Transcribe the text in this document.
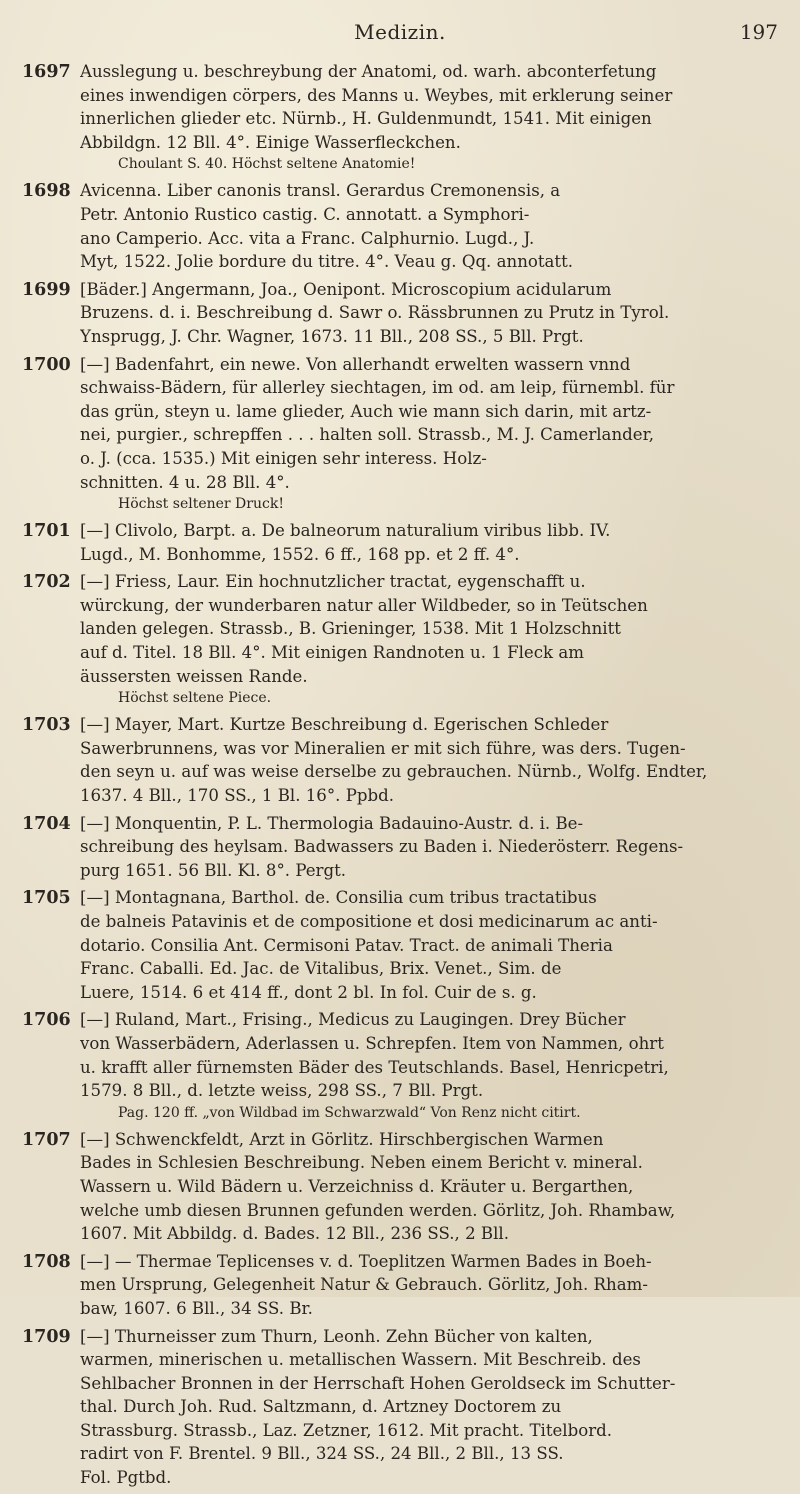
Medizin.	197
1697 Ausslegung u. beschreybung der Anatomi, od. warh. abconterfetung
eines inwendigen cörpers, des Manns u. Weybes, mit erklerung seiner
innerlichen glieder etc. Nürnb., H. Guldenmundt, 1541. Mit einigen
Abbildgn. 12 Bll. 4°. Einige Wasserfleckchen.
Choulant S. 40. Höchst seltene Anatomie!
1698 Avicenna. Liber canonis transl. Gerardus Cremonensis, a
Petr. Antonio Rustico castig. C. annotatt. a Symphori-
ano Camperio. Acc. vita a Franc. Calphurnio. Lugd., J.
Myt, 1522. Jolie bordure du titre. 4°. Veau g. Qq. annotatt.
1699 [Bäder.] Angermann, Joa., Oenipont. Microscopium acidularum
Bruzens. d. i. Beschreibung d. Sawr o. Rässbrunnen zu Prutz in Tyrol.
Ynsprugg, J. Chr. Wagner, 1673. 11 Bll., 208 SS., 5 Bll. Prgt.
1700 [—] Badenfahrt, ein newe. Von allerhandt erwelten wassern vnnd
schwaiss-Bädern, für allerley siechtagen, im od. am leip, fürnembl. für
das grün, steyn u. lame glieder, Auch wie mann sich darin, mit artz-
nei, purgier., schrepffen . . . halten soll. Strassb., M. J. Camerlander,
o. J. (cca. 1535.) Mit einigen sehr interess. Holz-
schnitten. 4 u. 28 Bll. 4°.
Höchst seltener Druck!
1701 [—] Clivolo, Barpt. a. De balneorum naturalium viribus libb. IV.
Lugd., M. Bonhomme, 1552. 6 ff., 168 pp. et 2 ff. 4°.
1702 [—] Friess, Laur. Ein hochnutzlicher tractat, eygenschafft u.
würckung, der wunderbaren natur aller Wildbeder, so in Teütschen
landen gelegen. Strassb., B. Grieninger, 1538. Mit 1 Holzschnitt
auf d. Titel. 18 Bll. 4°. Mit einigen Randnoten u. 1 Fleck am
äussersten weissen Rande.
Höchst seltene Piece.
1703 [—] Mayer, Mart. Kurtze Beschreibung d. Egerischen Schleder
Sawerbrunnens, was vor Mineralien er mit sich führe, was ders. Tugen-
den seyn u. auf was weise derselbe zu gebrauchen. Nürnb., Wolfg. Endter,
1637. 4 Bll., 170 SS., 1 Bl. 16°. Ppbd.
1704 [—] Monquentin, P. L. Thermologia Badauino-Austr. d. i. Be-
schreibung des heylsam. Badwassers zu Baden i. Niederösterr. Regens-
purg 1651. 56 Bll. Kl. 8°. Pergt.
1705 [—] Montagnana, Barthol. de. Consilia cum tribus tractatibus
de balneis Patavinis et de compositione et dosi medicinarum ac anti-
dotario. Consilia Ant. Cermisoni Patav. Tract. de animali Theria
Franc. Caballi. Ed. Jac. de Vitalibus, Brix. Venet., Sim. de
Luere, 1514. 6 et 414 ff., dont 2 bl. In fol. Cuir de s. g.
1706 [—] Ruland, Mart., Frising., Medicus zu Laugingen. Drey Bücher
von Wasserbädern, Aderlassen u. Schrepfen. Item von Nammen, ohrt
u. krafft aller fürnemsten Bäder des Teutschlands. Basel, Henricpetri,
1579. 8 Bll., d. letzte weiss, 298 SS., 7 Bll. Prgt.
Pag. 120 ff. „von Wildbad im Schwarzwald“ Von Renz nicht citirt.
1707 [—] Schwenckfeldt, Arzt in Görlitz. Hirschbergischen Warmen
Bades in Schlesien Beschreibung. Neben einem Bericht v. mineral.
Wassern u. Wild Bädern u. Verzeichniss d. Kräuter u. Bergarthen,
welche umb diesen Brunnen gefunden werden. Görlitz, Joh. Rhambaw,
1607. Mit Abbildg. d. Bades. 12 Bll., 236 SS., 2 Bll.
1708 [—] — Thermae Teplicenses v. d. Toeplitzen Warmen Bades in Boeh-
men Ursprung, Gelegenheit Natur & Gebrauch. Görlitz, Joh. Rham-
baw, 1607. 6 Bll., 34 SS. Br.
1709 [—] Thurneisser zum Thurn, Leonh. Zehn Bücher von kalten,
warmen, minerischen u. metallischen Wassern. Mit Beschreib. des
Sehlbacher Bronnen in der Herrschaft Hohen Geroldseck im Schutter-
thal. Durch Joh. Rud. Saltzmann, d. Artzney Doctorem zu
Strassburg. Strassb., Laz. Zetzner, 1612. Mit pracht. Titelbord.
radirt von F. Brentel. 9 Bll., 324 SS., 24 Bll., 2 Bll., 13 SS.
Fol. Pgtbd.
